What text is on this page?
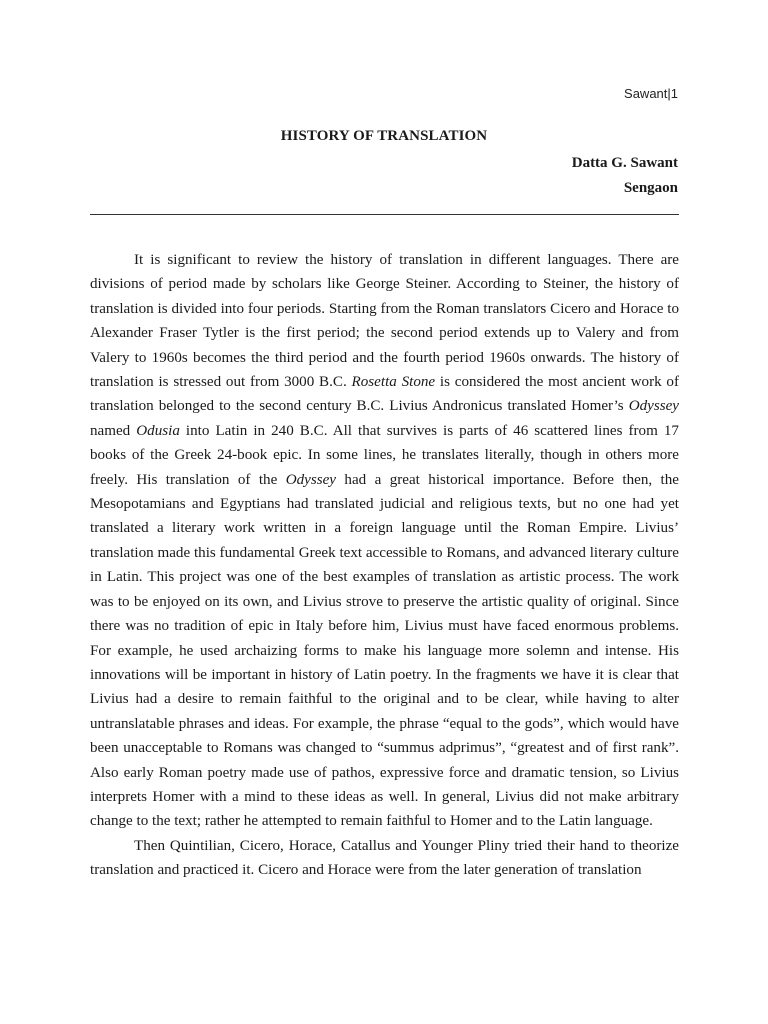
Sawant|1
HISTORY OF TRANSLATION
Datta G. Sawant
Sengaon

It is significant to review the history of translation in different languages. There are divisions of period made by scholars like George Steiner. According to Steiner, the history of translation is divided into four periods. Starting from the Roman translators Cicero and Horace to Alexander Fraser Tytler is the first period; the second period extends up to Valery and from Valery to 1960s becomes the third period and the fourth period 1960s onwards. The history of translation is stressed out from 3000 B.C. Rosetta Stone is considered the most ancient work of translation belonged to the second century B.C. Livius Andronicus translated Homer’s Odyssey named Odusia into Latin in 240 B.C. All that survives is parts of 46 scattered lines from 17 books of the Greek 24-book epic. In some lines, he translates literally, though in others more freely. His translation of the Odyssey had a great historical importance. Before then, the Mesopotamians and Egyptians had translated judicial and religious texts, but no one had yet translated a literary work written in a foreign language until the Roman Empire. Livius’ translation made this fundamental Greek text accessible to Romans, and advanced literary culture in Latin. This project was one of the best examples of translation as artistic process. The work was to be enjoyed on its own, and Livius strove to preserve the artistic quality of original. Since there was no tradition of epic in Italy before him, Livius must have faced enormous problems. For example, he used archaizing forms to make his language more solemn and intense. His innovations will be important in history of Latin poetry. In the fragments we have it is clear that Livius had a desire to remain faithful to the original and to be clear, while having to alter untranslatable phrases and ideas. For example, the phrase “equal to the gods”, which would have been unacceptable to Romans was changed to “summus adprimus”, “greatest and of first rank”. Also early Roman poetry made use of pathos, expressive force and dramatic tension, so Livius interprets Homer with a mind to these ideas as well. In general, Livius did not make arbitrary change to the text; rather he attempted to remain faithful to Homer and to the Latin language.

Then Quintilian, Cicero, Horace, Catallus and Younger Pliny tried their hand to theorize translation and practiced it. Cicero and Horace were from the later generation of translation
